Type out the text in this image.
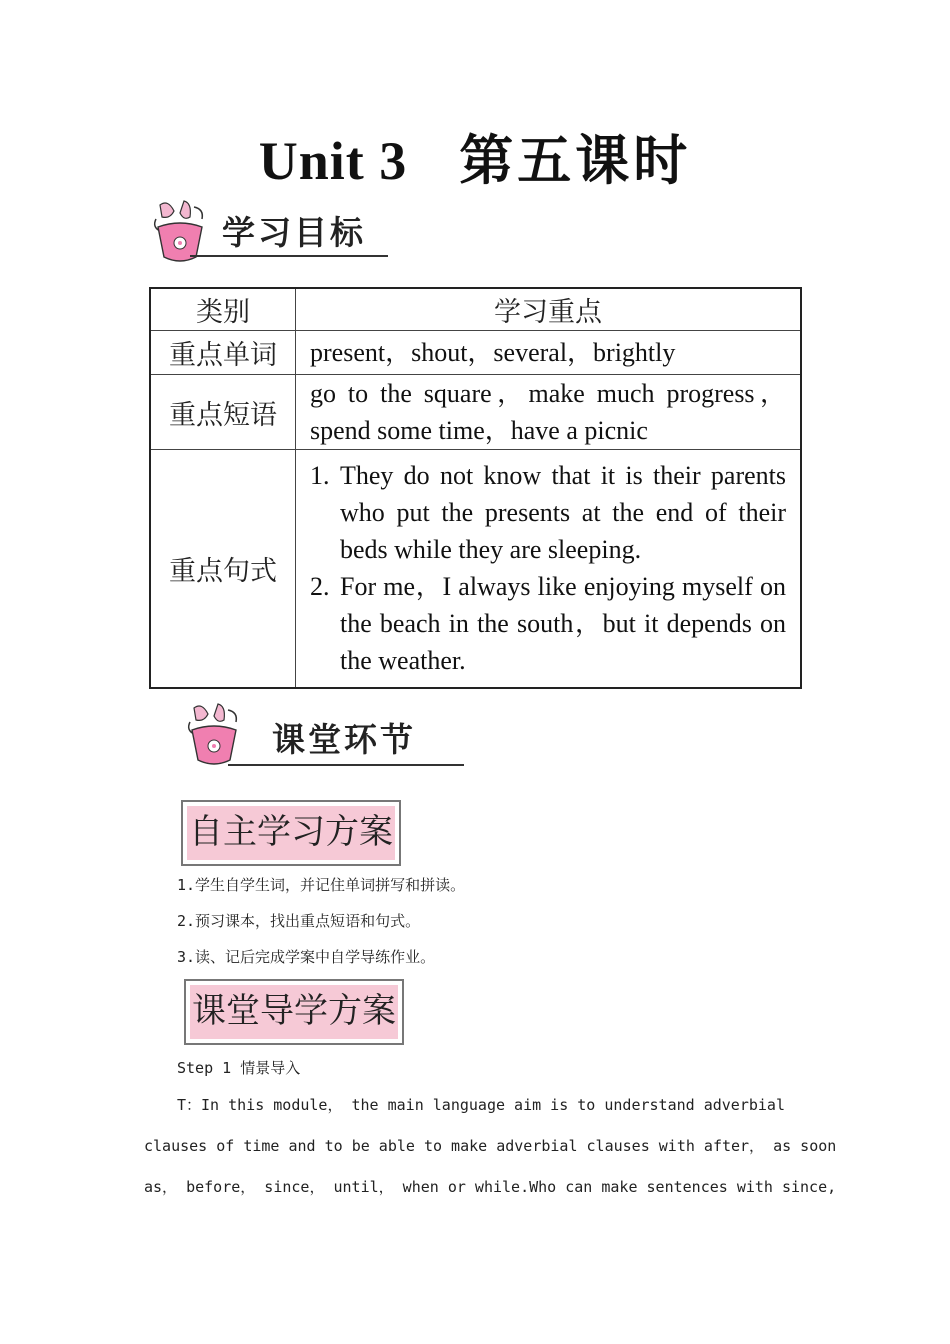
Unit 3 第五课时
学习目标
类别	学习重点
重点单词	present，shout，several，brightly
重点短语	go to the square，make much progress，spend some time，have a picnic
重点句式	1. They do not know that it is their parents who put the presents at the end of their beds while they are sleeping.
2. For me，I always like enjoying myself on the beach in the south，but it depends on the weather.
课堂环节
自主学习方案
1.学生自学生词，并记住单词拼写和拼读。
2.预习课本，找出重点短语和句式。
3.读、记后完成学案中自学导练作业。
课堂导学方案
Step 1 情景导入
T：In this module， the main language aim is to understand adverbial
clauses of time and to be able to make adverbial clauses with after， as soon
as， before， since， until， when or while.Who can make sentences with since,
